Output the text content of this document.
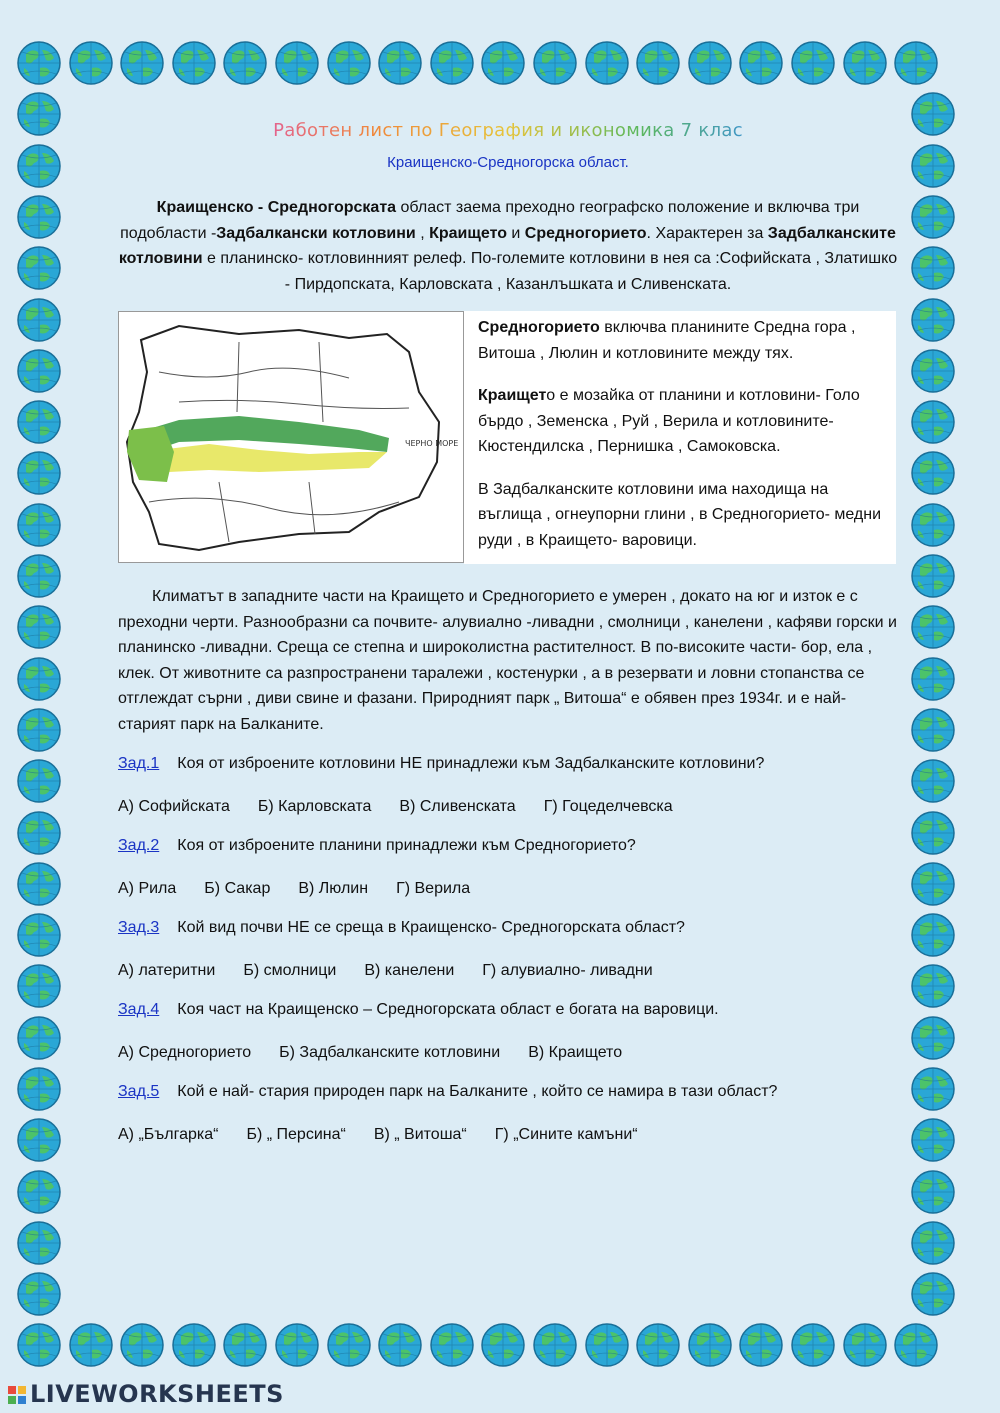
Работен лист по География и икономика 7 клас
Краищенско-Средногорска област.
Краищенско - Средногорската област заема преходно географско положение и включва три подобласти -Задбалкански котловини , Краището и Средногорието. Характерен за Задбалканските котловини е планинско- котловинният релеф. По-големите котловини в нея са :Софийската , Златишко - Пирдопската, Карловската , Казанлъшката и Сливенската.
ЧЕРНО МОРЕ

Средногорието включва планините Средна гора , Витоша , Люлин и котловините между тях.

Краището е мозайка от планини и котловини- Голо бърдо , Земенска , Руй , Верила и котловините- Кюстендилска , Пернишка , Самоковска.

В Задбалканските котловини има находища на въглища , огнеупорни глини , в Средногорието- медни руди , в Краището- варовици.

Климатът в западните части на Краището и Средногорието е умерен , докато на юг и изток е с преходни черти. Разнообразни са почвите- алувиално -ливадни , смолници , канелени , кафяви горски и планинско -ливадни. Среща се степна и широколистна растителност. В по-високите части- бор, ела , клек. От животните са разпространени таралежи , костенурки , а в резервати и ловни стопанства се отглеждат сърни , диви свине и фазани. Природният парк „ Витоша“ е обявен през 1934г. и е най- старият парк на Балканите.
Зад.1 Коя от изброените котловини НЕ принадлежи към Задбалканските котловини?
А) Софийската Б) Карловската В) Сливенската Г) Гоцеделчевска
Зад.2 Коя от изброените планини принадлежи към Средногорието?
А) Рила Б) Сакар В) Люлин Г) Верила
Зад.3 Кой вид почви НЕ се среща в Краищенско- Средногорската област?
А) латеритни Б) смолници В) канелени Г) алувиално- ливадни
Зад.4 Коя част на Краищенско – Средногорската област е богата на варовици.
А) Средногорието Б) Задбалканските котловини В) Краището
Зад.5 Кой е най- стария природен парк на Балканите , който се намира в тази област?
А) „Българка“ Б) „ Персина“ В) „ Витоша“ Г) „Сините камъни“
LIVEWORKSHEETS
